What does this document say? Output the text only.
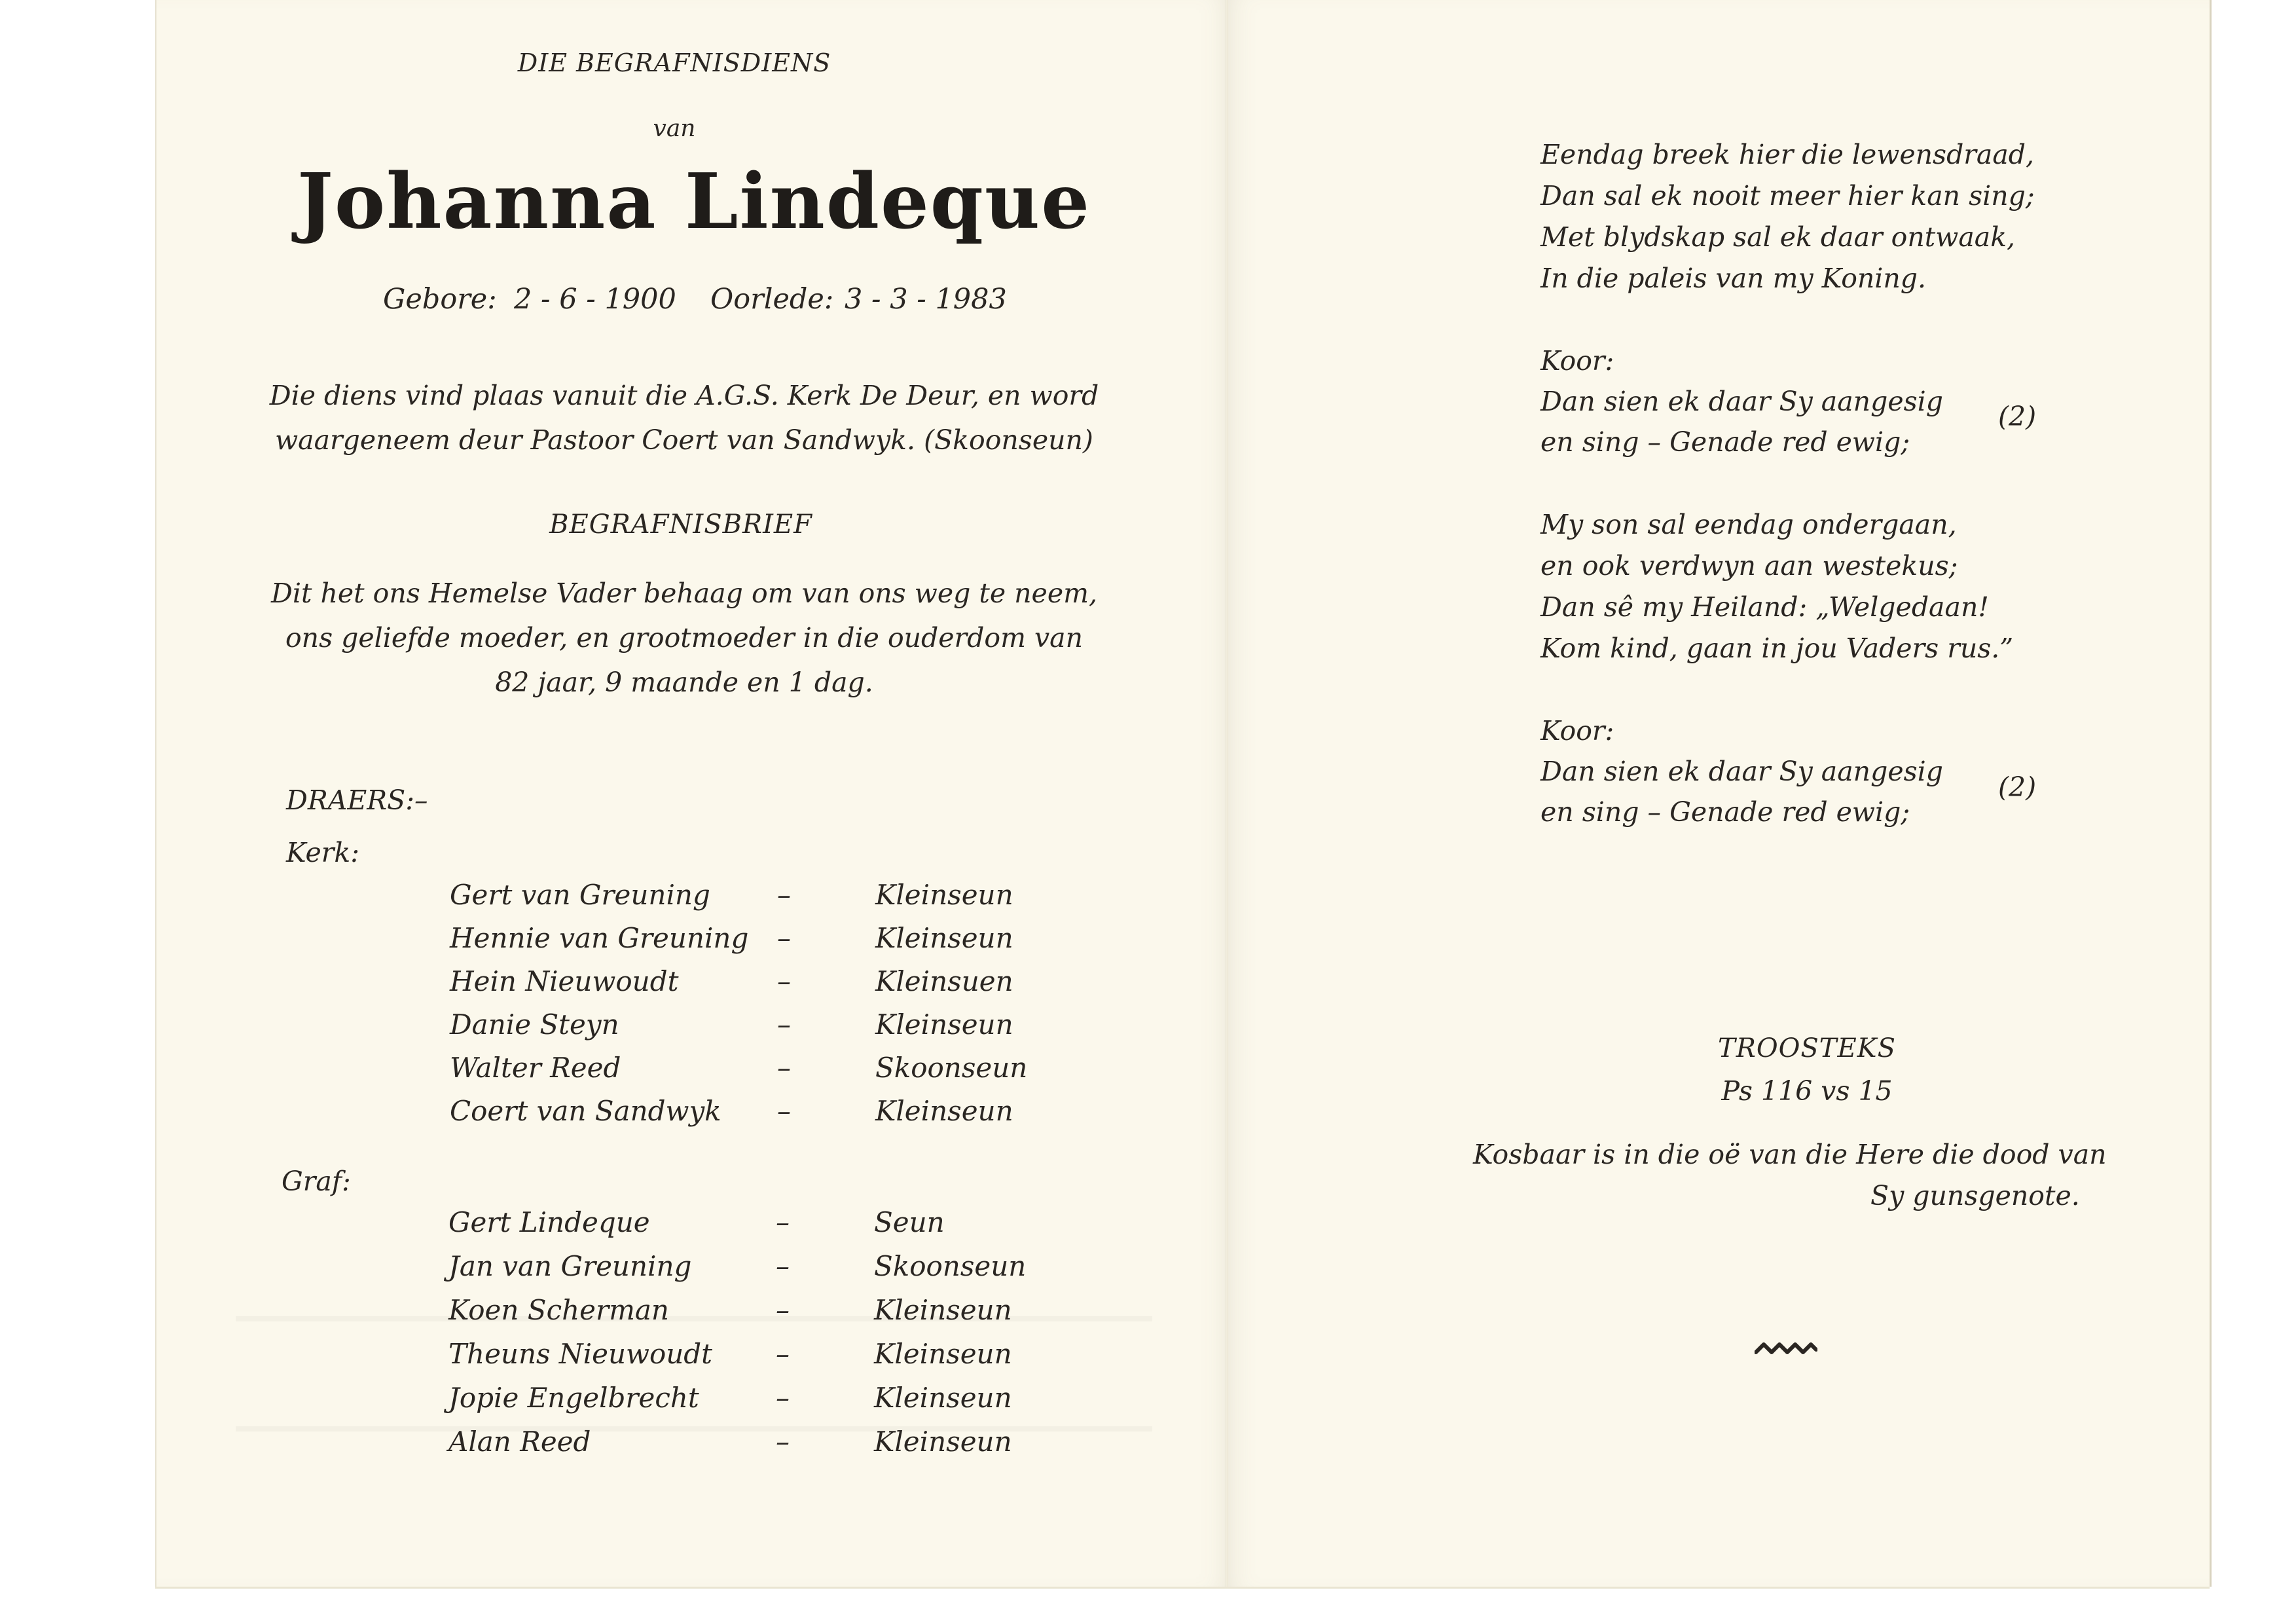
DIE BEGRAFNISDIENS
van
Johanna Lindeque
Gebore: 2 - 6 - 1900 Oorlede: 3 - 3 - 1983
Die diens vind plaas vanuit die A.G.S. Kerk De Deur, en word
waargeneem deur Pastoor Coert van Sandwyk. (Skoonseun)
BEGRAFNISBRIEF
Dit het ons Hemelse Vader behaag om van ons weg te neem,
ons geliefde moeder, en grootmoeder in die ouderdom van
82 jaar, 9 maande en 1 dag.
DRAERS:–
Kerk:
Gert van Greuning –	Kleinseun
Hennie van Greuning –	Kleinseun
Hein Nieuwoudt	–	Kleinsuen
Danie Steyn	–	Kleinseun
Walter Reed	–	Skoonseun
Coert van Sandwyk –	Kleinseun
Graf:
Gert Lindeque	–	Seun
Jan van Greuning	–	Skoonseun
Koen Scherman	–	Kleinseun
Theuns Nieuwoudt –	Kleinseun
Jopie Engelbrecht	–	Kleinseun
Alan Reed	–	Kleinseun
Eendag breek hier die lewensdraad,
Dan sal ek nooit meer hier kan sing;
Met blydskap sal ek daar ontwaak,
In die paleis van my Koning.
Koor:
Dan sien ek daar Sy aangesig
en sing – Genade red ewig;
(2)
My son sal eendag ondergaan,
en ook verdwyn aan westekus;
Dan sê my Heiland: „Welgedaan!
Kom kind, gaan in jou Vaders rus.”
Koor:
Dan sien ek daar Sy aangesig
en sing – Genade red ewig;
(2)
TROOSTEKS
Ps 116 vs 15
Kosbaar is in die oë van die Here die dood van
Sy gunsgenote.
